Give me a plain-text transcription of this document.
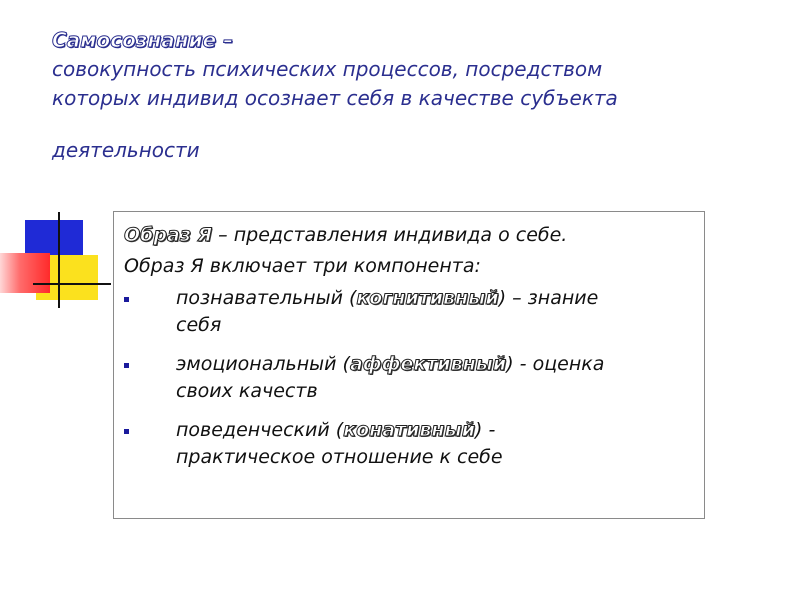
Самосознание –
совокупность психических процессов, посредством
которых индивид осознает себя в качестве субъекта
деятельности
Образ Я – представления индивида о себе.
Образ Я включает три компонента:
познавательный (когнитивный) – знание
себя
эмоциональный (аффективный) - оценка
своих качеств
поведенческий (конативный) -
практическое отношение к себе
